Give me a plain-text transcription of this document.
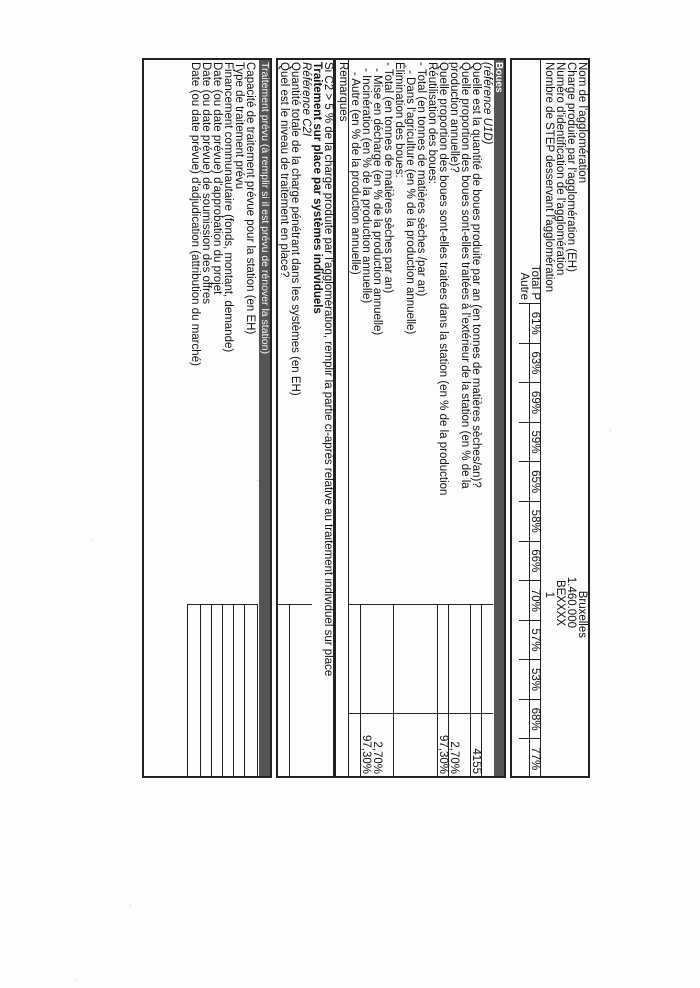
Nom de l'agglomération
Charge produite par l'agglomération (EH)
Numéro d'identification de l'agglomération
Nombre de STEP desservant l'agglomération
Bruxelles
1.460.000
BEXXXX
1
Total P
Autre
61%
63%
69%
59%
65%
58%
66%
70%
57%
53%
68%
77%
Boues
(référence U1D)
Quelle est la quantité de boues produite par an (en tonnes de matières sèches/an)?
Quelle proportion des boues sont-elles traitées à l'extérieur de la station (en % de la
production annuelle)?
Quelle proportion des boues sont-elles traitées dans la station (en % de la production
Réutilisation des boues:
- Total (en tonnes de matières sèches /par an)
- Dans l'agriculture (en % de la production annuelle)
Élimination des boues:
- Total (en tonnes de matières sèches par an)
- Mise en décharge (en % de la production annuelle)
- Incinération (en % de la production annuelle)
- Autre (en % de la production annuelle)
Remarques
4155
2,70%
97,30%
2,70%
97,30%
Si C2 > 5 % de la charge produite par l'agglomération, remplir la partie ci-après relative au traitement individuel sur place
Traitement sur place par systèmes individuels
Référence C2I
Quantité totale de la charge pénétrant dans les systèmes (en EH)
Quel est le niveau de traitement en place?
Traitement prévu (à remplir si il est prévu de rénover la station)
Capacité de traitement prévue pour la station (en EH)
Type de traitement prévu
Financement communautaire (fonds, montant, demande)
Date (ou date prévue) d'approbation du projet
Date (ou date prévue) de soumission des offres
Date (ou date prévue) d'adjudication (attribution du marché)
